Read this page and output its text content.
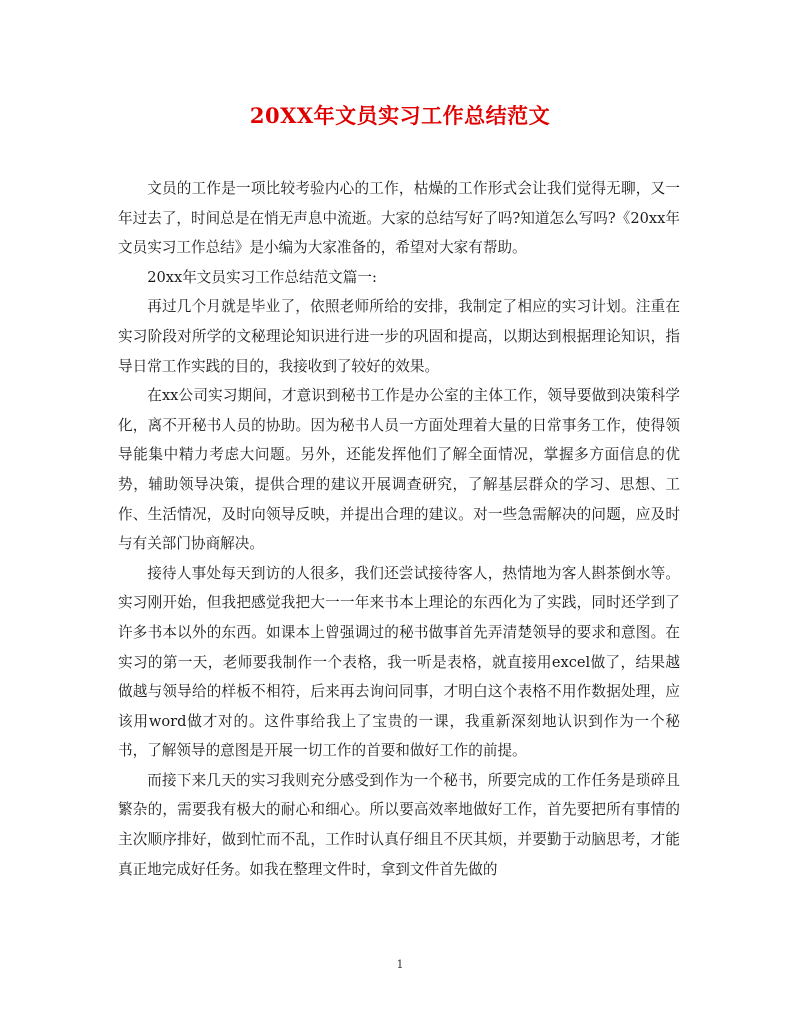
20XX年文员实习工作总结范文

文员的工作是一项比较考验内心的工作，枯燥的工作形式会让我们觉得无聊，又一年过去了，时间总是在悄无声息中流逝。大家的总结写好了吗?知道怎么写吗?《20xx年文员实习工作总结》是小编为大家准备的，希望对大家有帮助。

20xx年文员实习工作总结范文篇一:

再过几个月就是毕业了，依照老师所给的安排，我制定了相应的实习计划。注重在实习阶段对所学的文秘理论知识进行进一步的巩固和提高，以期达到根据理论知识，指导日常工作实践的目的，我接收到了较好的效果。

在xx公司实习期间，才意识到秘书工作是办公室的主体工作，领导要做到决策科学化，离不开秘书人员的协助。因为秘书人员一方面处理着大量的日常事务工作，使得领导能集中精力考虑大问题。另外，还能发挥他们了解全面情况，掌握多方面信息的优势，辅助领导决策，提供合理的建议开展调查研究，了解基层群众的学习、思想、工作、生活情况，及时向领导反映，并提出合理的建议。对一些急需解决的问题，应及时与有关部门协商解决。

接待人事处每天到访的人很多，我们还尝试接待客人，热情地为客人斟茶倒水等。实习刚开始，但我把感觉我把大一一年来书本上理论的东西化为了实践，同时还学到了许多书本以外的东西。如课本上曾强调过的秘书做事首先弄清楚领导的要求和意图。在实习的第一天，老师要我制作一个表格，我一听是表格，就直接用excel做了，结果越做越与领导给的样板不相符，后来再去询问同事，才明白这个表格不用作数据处理，应该用word做才对的。这件事给我上了宝贵的一课，我重新深刻地认识到作为一个秘书，了解领导的意图是开展一切工作的首要和做好工作的前提。

而接下来几天的实习我则充分感受到作为一个秘书，所要完成的工作任务是琐碎且繁杂的，需要我有极大的耐心和细心。所以要高效率地做好工作，首先要把所有事情的主次顺序排好，做到忙而不乱，工作时认真仔细且不厌其烦，并要勤于动脑思考，才能真正地完成好任务。如我在整理文件时，拿到文件首先做的

1
